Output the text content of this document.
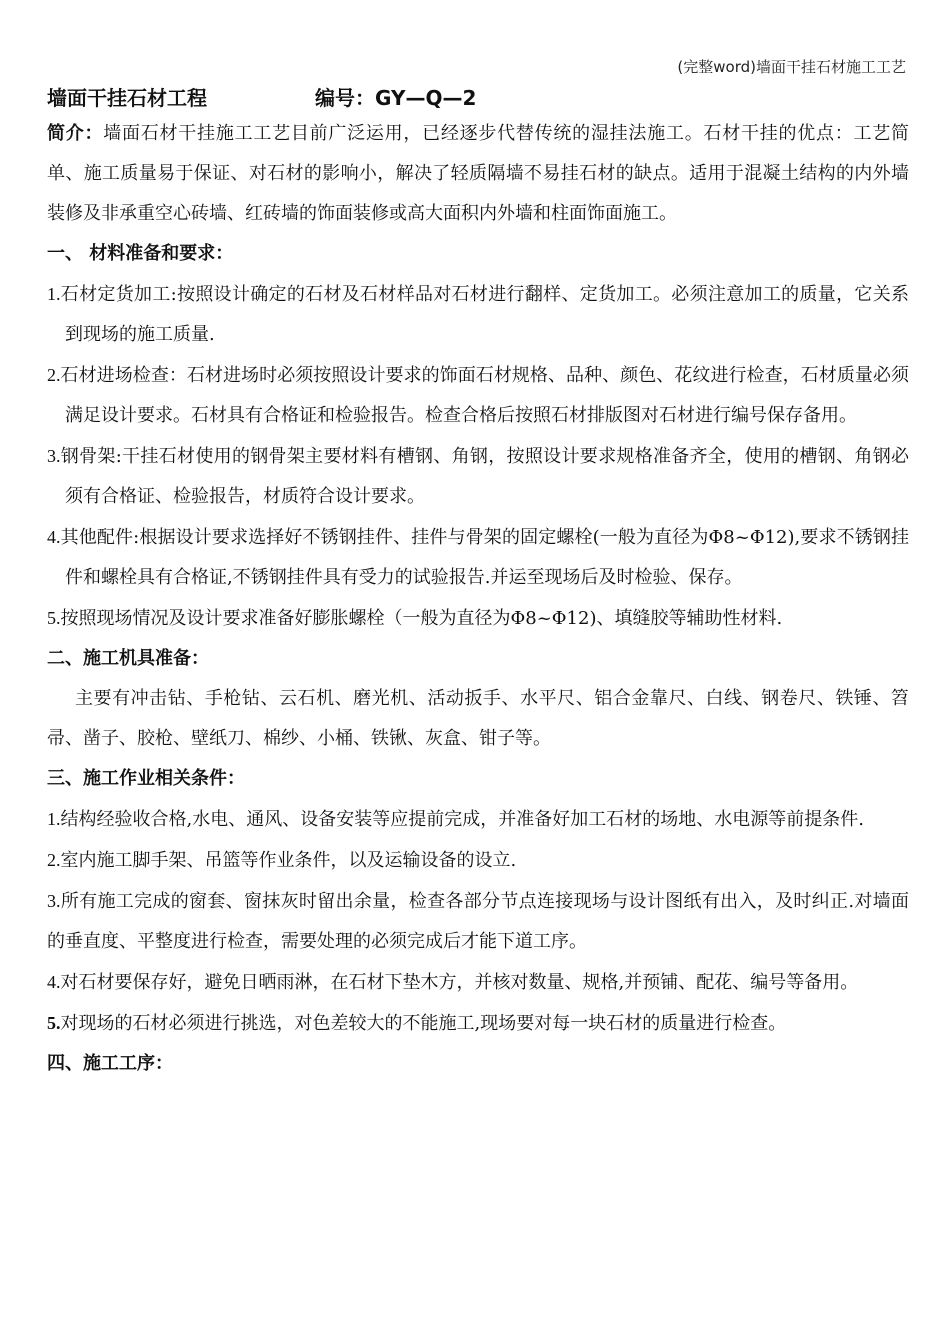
(完整word)墙面干挂石材施工工艺
墙面干挂石材工程	编号：GY—Q—2

简介：墙面石材干挂施工工艺目前广泛运用，已经逐步代替传统的湿挂法施工。石材干挂的优点：工艺简单、施工质量易于保证、对石材的影响小，解决了轻质隔墙不易挂石材的缺点。适用于混凝土结构的内外墙装修及非承重空心砖墙、红砖墙的饰面装修或高大面积内外墙和柱面饰面施工。

一、 材料准备和要求：

1.石材定货加工:按照设计确定的石材及石材样品对石材进行翻样、定货加工。必须注意加工的质量，它关系到现场的施工质量.

2.石材进场检查：石材进场时必须按照设计要求的饰面石材规格、品种、颜色、花纹进行检查，石材质量必须满足设计要求。石材具有合格证和检验报告。检查合格后按照石材排版图对石材进行编号保存备用。

3.钢骨架:干挂石材使用的钢骨架主要材料有槽钢、角钢，按照设计要求规格准备齐全，使用的槽钢、角钢必须有合格证、检验报告，材质符合设计要求。

4.其他配件:根据设计要求选择好不锈钢挂件、挂件与骨架的固定螺栓(一般为直径为Φ8~Φ12),要求不锈钢挂件和螺栓具有合格证,不锈钢挂件具有受力的试验报告.并运至现场后及时检验、保存。

5.按照现场情况及设计要求准备好膨胀螺栓（一般为直径为Φ8~Φ12)、填缝胶等辅助性材料.

二、施工机具准备：

主要有冲击钻、手枪钻、云石机、磨光机、活动扳手、水平尺、铝合金靠尺、白线、钢卷尺、铁锤、笤帚、凿子、胶枪、壁纸刀、棉纱、小桶、铁锹、灰盒、钳子等。

三、施工作业相关条件：

1.结构经验收合格,水电、通风、设备安装等应提前完成，并准备好加工石材的场地、水电源等前提条件.

2.室内施工脚手架、吊篮等作业条件，以及运输设备的设立.

3.所有施工完成的窗套、窗抹灰时留出余量，检查各部分节点连接现场与设计图纸有出入，及时纠正.对墙面的垂直度、平整度进行检查，需要处理的必须完成后才能下道工序。

4.对石材要保存好，避免日晒雨淋，在石材下垫木方，并核对数量、规格,并预铺、配花、编号等备用。

5.对现场的石材必须进行挑选，对色差较大的不能施工,现场要对每一块石材的质量进行检查。

四、施工工序：
